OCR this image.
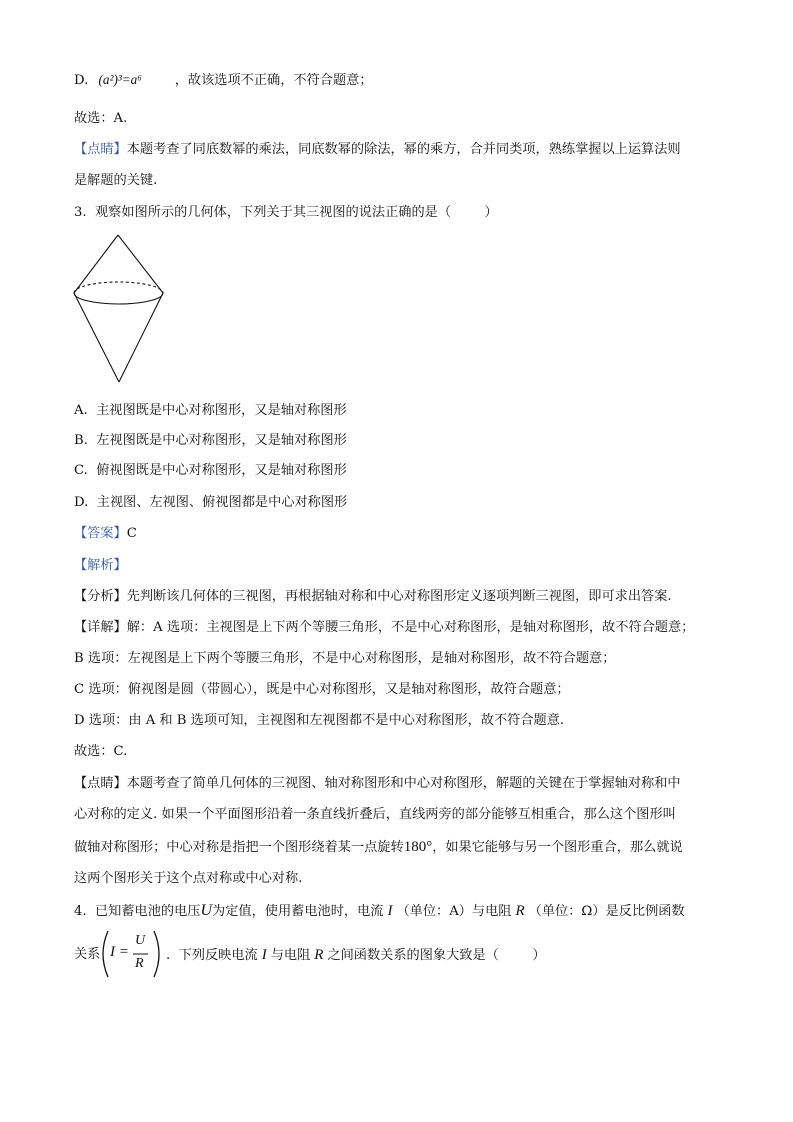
D. (a²)³=a⁶ ，故该选项不正确，不符合题意；
故选：A.
【点睛】本题考查了同底数幂的乘法，同底数幂的除法，幂的乘方，合并同类项，熟练掌握以上运算法则
是解题的关键.
3.  观察如图所示的几何体，下列关于其三视图的说法正确的是（        ）
A.  主视图既是中心对称图形，又是轴对称图形
B.  左视图既是中心对称图形，又是轴对称图形
C.  俯视图既是中心对称图形，又是轴对称图形
D.  主视图、左视图、俯视图都是中心对称图形
【答案】C
【解析】
【分析】先判断该几何体的三视图，再根据轴对称和中心对称图形定义逐项判断三视图，即可求出答案.
【详解】解：A 选项：主视图是上下两个等腰三角形，不是中心对称图形，是轴对称图形，故不符合题意；
B 选项：左视图是上下两个等腰三角形，不是中心对称图形，是轴对称图形，故不符合题意；
C 选项：俯视图是圆（带圆心），既是中心对称图形，又是轴对称图形，故符合题意；
D 选项：由 A 和 B 选项可知，主视图和左视图都不是中心对称图形，故不符合题意.
故选：C.
【点睛】本题考查了简单几何体的三视图、轴对称图形和中心对称图形，解题的关键在于掌握轴对称和中
心对称的定义. 如果一个平面图形沿着一条直线折叠后，直线两旁的部分能够互相重合，那么这个图形叫
做轴对称图形；中心对称是指把一个图形绕着某一点旋转180°，如果它能够与另一个图形重合，那么就说
这两个图形关于这个点对称或中心对称.
4.  已知蓄电池的电压U为定值，使用蓄电池时，电流 I （单位：A）与电阻 R （单位：Ω）是反比例函数
关系 I =
U
R
.  下列反映电流 I 与电阻 R 之间函数关系的图象大致是（        ）
